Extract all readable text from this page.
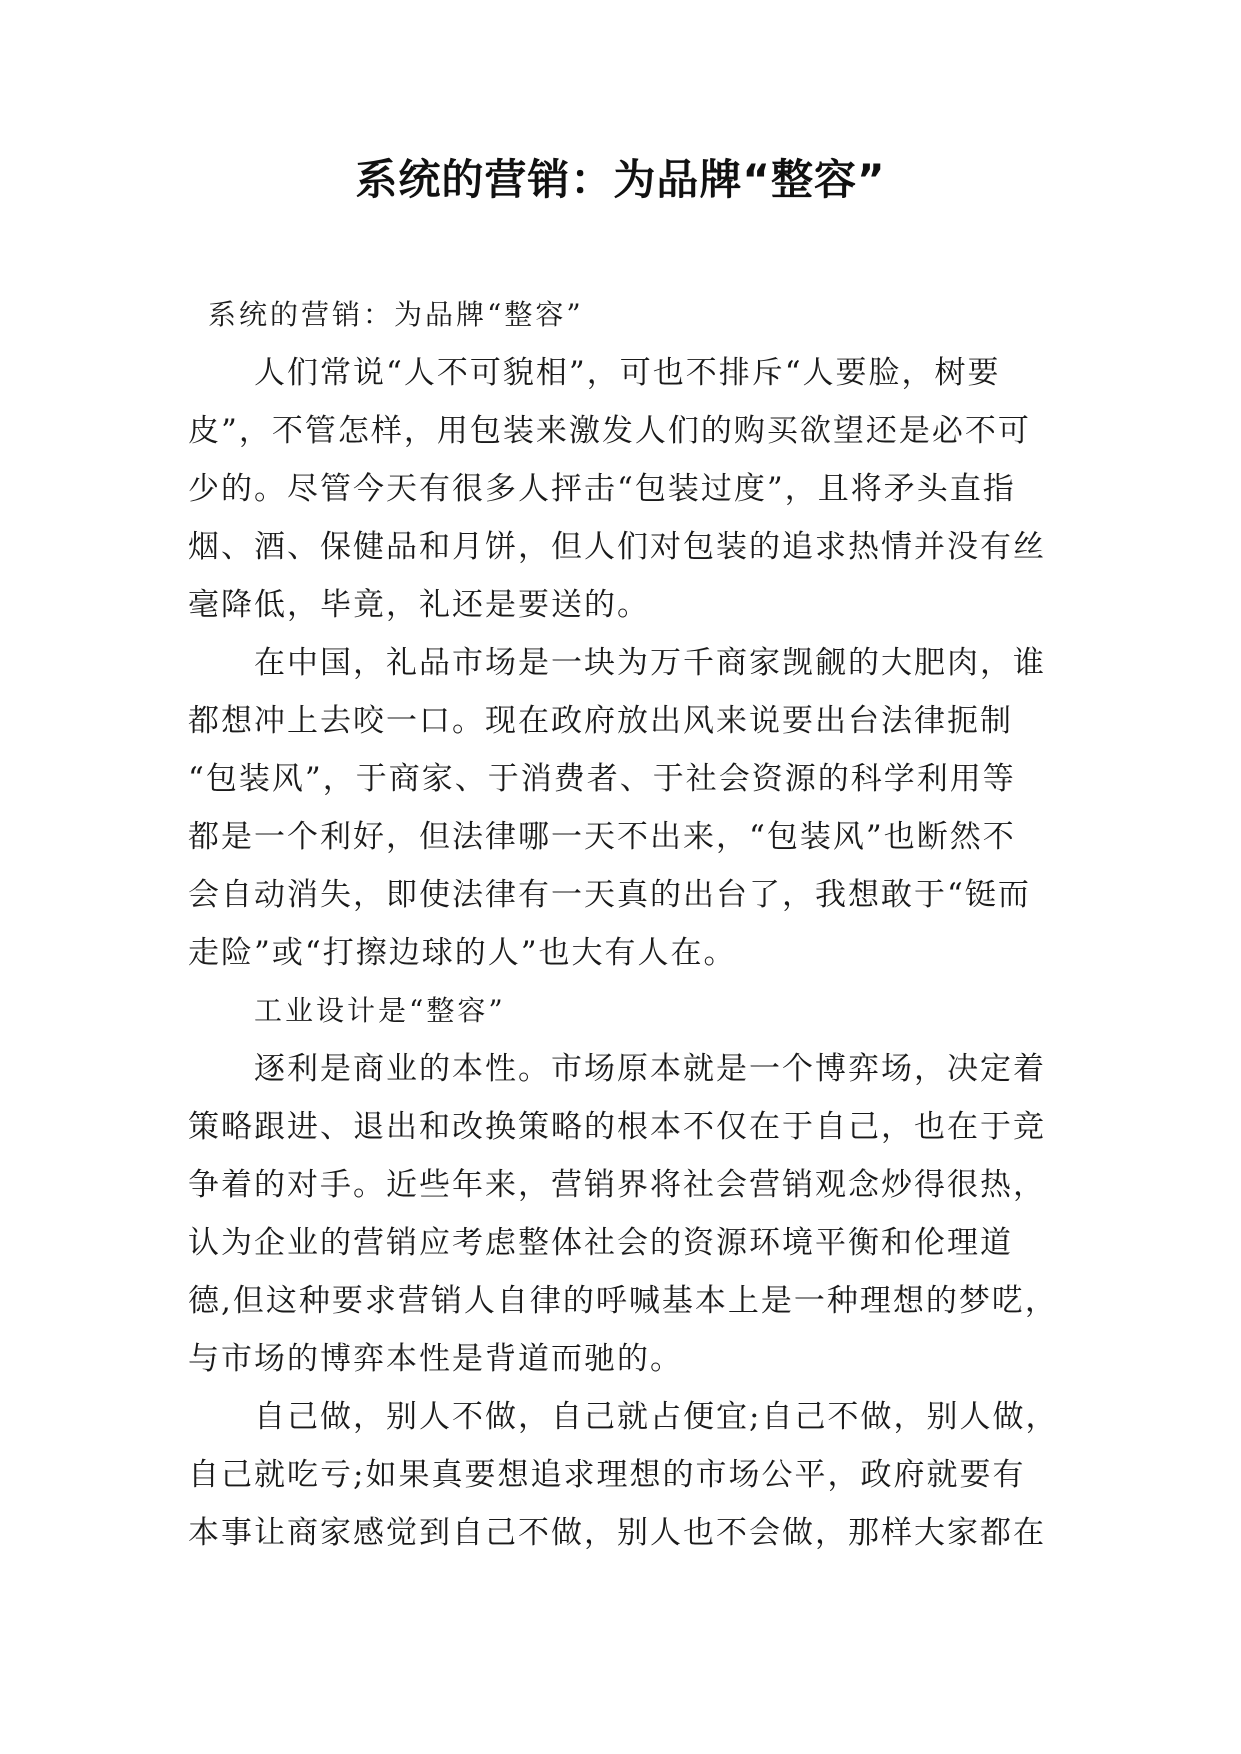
系统的营销：为品牌“整容”

系统的营销：为品牌“整容”

人们常说“人不可貌相”，可也不排斥“人要脸，树要

皮”，不管怎样，用包装来激发人们的购买欲望还是必不可

少的。尽管今天有很多人抨击“包装过度”，且将矛头直指

烟、酒、保健品和月饼，但人们对包装的追求热情并没有丝

毫降低，毕竟，礼还是要送的。

在中国，礼品市场是一块为万千商家觊觎的大肥肉，谁

都想冲上去咬一口。现在政府放出风来说要出台法律扼制

“包装风”，于商家、于消费者、于社会资源的科学利用等

都是一个利好，但法律哪一天不出来，“包装风”也断然不

会自动消失，即使法律有一天真的出台了，我想敢于“铤而

走险”或“打擦边球的人”也大有人在。

工业设计是“整容”

逐利是商业的本性。市场原本就是一个博弈场，决定着

策略跟进、退出和改换策略的根本不仅在于自己，也在于竞

争着的对手。近些年来，营销界将社会营销观念炒得很热，

认为企业的营销应考虑整体社会的资源环境平衡和伦理道

德,但这种要求营销人自律的呼喊基本上是一种理想的梦呓，

与市场的博弈本性是背道而驰的。

自己做，别人不做，自己就占便宜;自己不做，别人做，

自己就吃亏;如果真要想追求理想的市场公平，政府就要有

本事让商家感觉到自己不做，别人也不会做，那样大家都在
